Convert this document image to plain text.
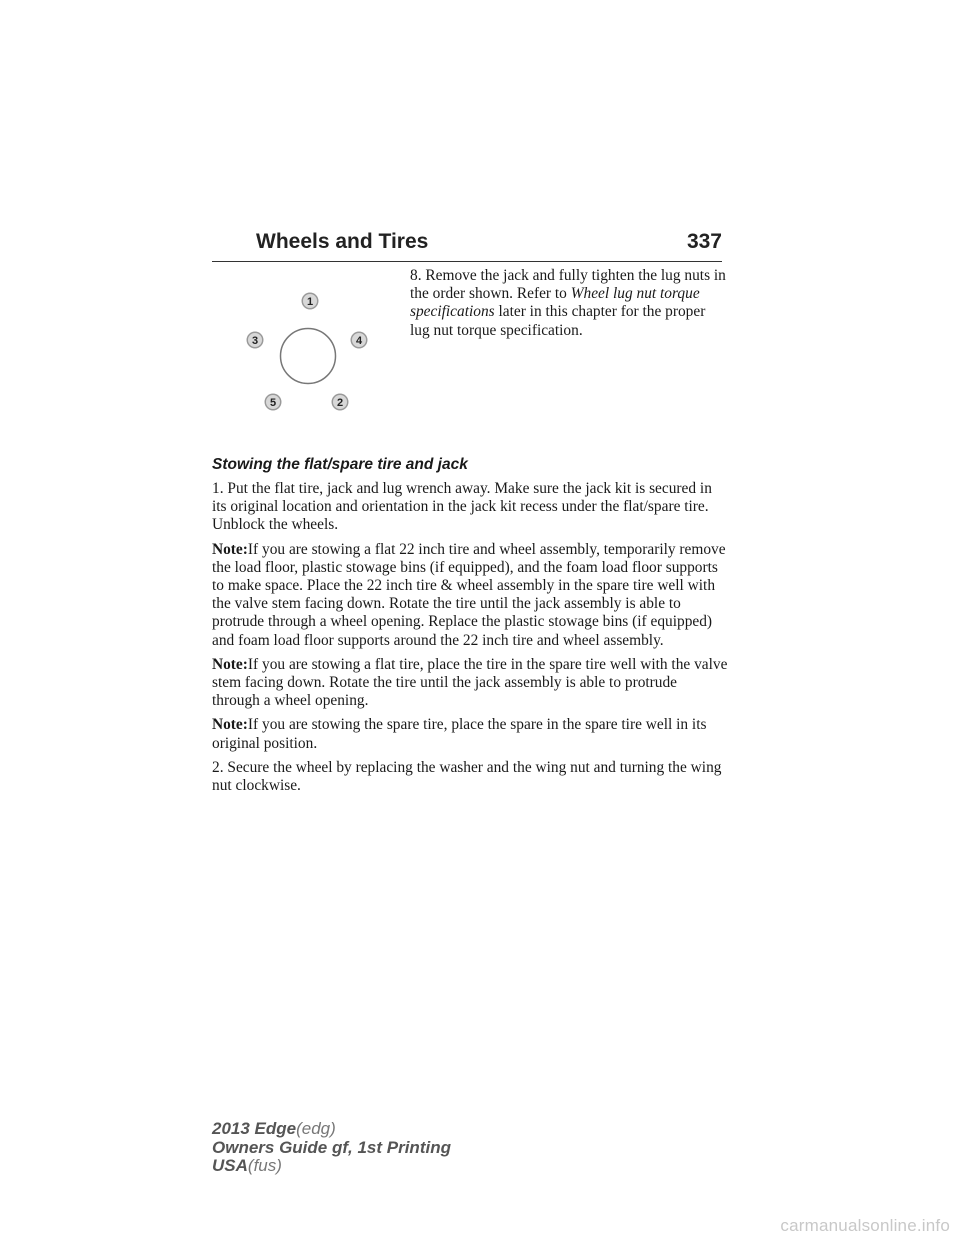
Wheels and Tires	337
1
2
3	4
5
8. Remove the jack and fully tighten the lug nuts in the order shown. Refer to Wheel lug nut torque specifications later in this chapter for the proper lug nut torque specification.
Stowing the flat/spare tire and jack

1. Put the flat tire, jack and lug wrench away. Make sure the jack kit is secured in its original location and orientation in the jack kit recess under the flat/spare tire. Unblock the wheels.

Note:If you are stowing a flat 22 inch tire and wheel assembly, temporarily remove the load floor, plastic stowage bins (if equipped), and the foam load floor supports to make space. Place the 22 inch tire & wheel assembly in the spare tire well with the valve stem facing down. Rotate the tire until the jack assembly is able to protrude through a wheel opening. Replace the plastic stowage bins (if equipped) and foam load floor supports around the 22 inch tire and wheel assembly.

Note:If you are stowing a flat tire, place the tire in the spare tire well with the valve stem facing down. Rotate the tire until the jack assembly is able to protrude through a wheel opening.

Note:If you are stowing the spare tire, place the spare in the spare tire well in its original position.

2. Secure the wheel by replacing the washer and the wing nut and turning the wing nut clockwise.

2013 Edge(edg)
Owners Guide gf, 1st Printing
USA(fus)
carmanualsonline.info
